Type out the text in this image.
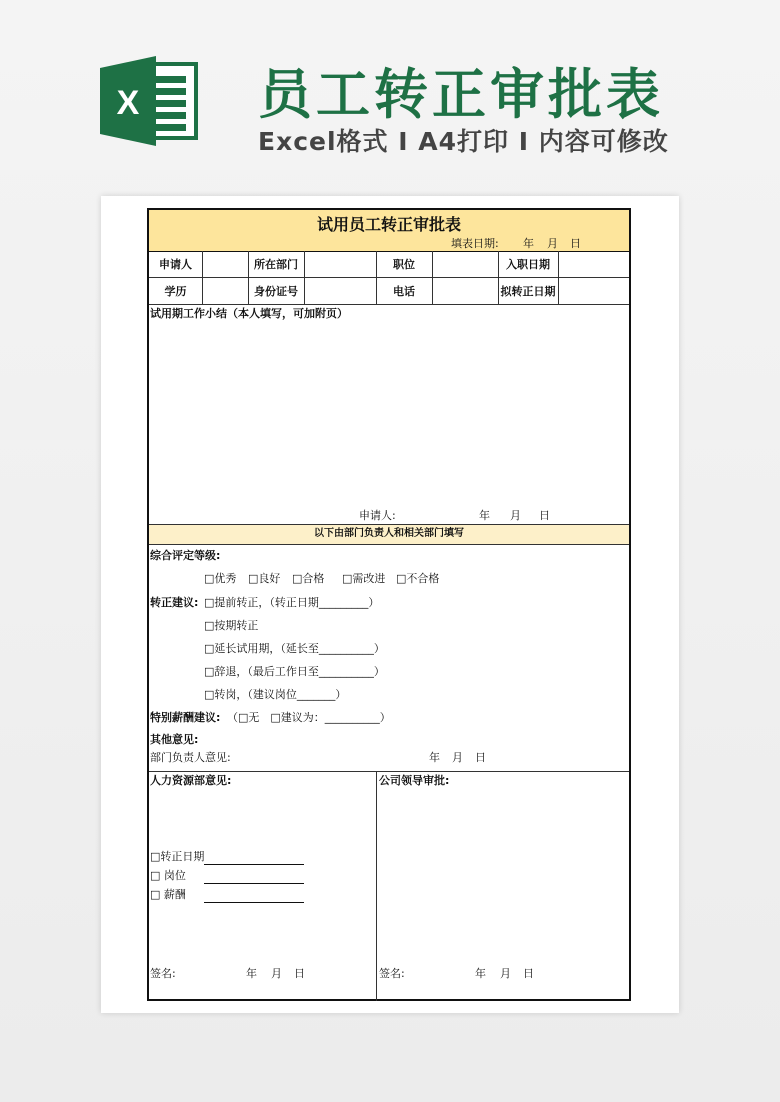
X 员工转正审批表
Excel格式 I A4打印 I 内容可修改
试用员工转正审批表
填表日期: 年 月 日
申请人	所在部门	职位	入职日期
学历	身份证号	电话	拟转正日期
试用期工作小结（本人填写，可加附页）
申请人:	年 月 日
以下由部门负责人和相关部门填写
综合评定等级:
□优秀 □良好 □合格 □需改进 □不合格
转正建议: □提前转正，（转正日期_________）
□按期转正
□延长试用期，（延长至__________）
□辞退，（最后工作日至__________）
□转岗，（建议岗位_______）
特别薪酬建议: （□无　□建议为：__________）
其他意见:
部门负责人意见:	年 月 日
人力资源部意见:
□转正日期
□ 岗位
□ 薪酬
签名:	年 月 日
公司领导审批:
签名:	年 月 日
